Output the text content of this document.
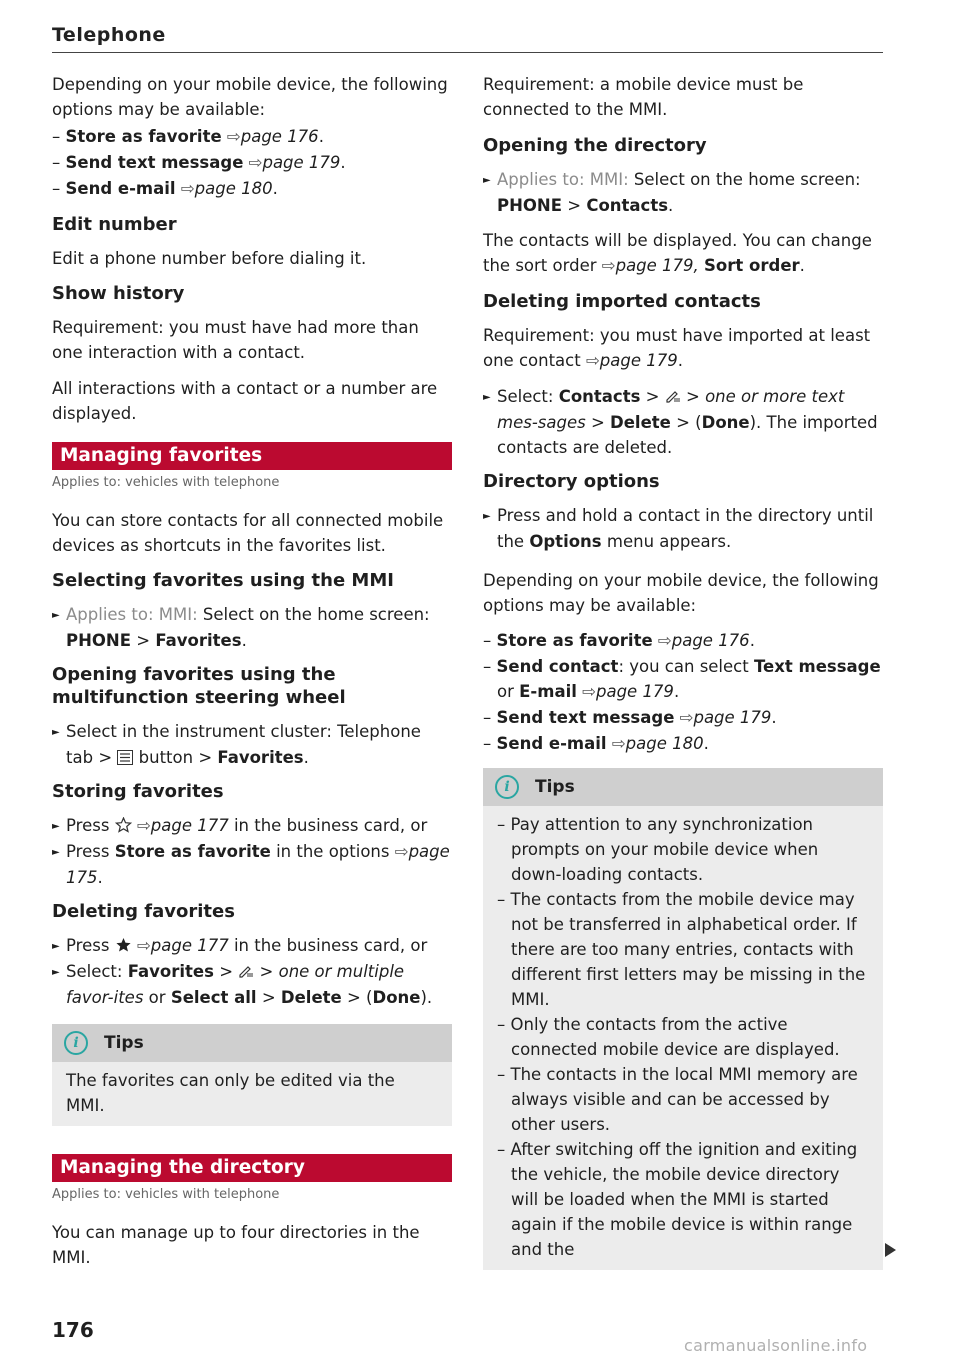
Telephone

Depending on your mobile device, the following options may be available:

– Store as favorite ⇨page 176.

– Send text message ⇨page 179.

– Send e-mail ⇨page 180.

Edit number

Edit a phone number before dialing it.

Show history

Requirement: you must have had more than one interaction with a contact.

All interactions with a contact or a number are displayed.

Managing favorites

Applies to: vehicles with telephone

You can store contacts for all connected mobile devices as shortcuts in the favorites list.

Selecting favorites using the MMI

► Applies to: MMI: Select on the home screen: PHONE > Favorites.

Opening favorites using the multifunction steering wheel

► Select in the instrument cluster: Telephone tab > button > Favorites.

Storing favorites

► Press ⇨page 177 in the business card, or

► Press Store as favorite in the options ⇨page 175.

Deleting favorites

► Press ⇨page 177 in the business card, or

► Select: Favorites > > one or multiple favor-ites or Select all > Delete > (Done).

i	Tips

The favorites can only be edited via the MMI.

Managing the directory

Applies to: vehicles with telephone

You can manage up to four directories in the MMI.

Requirement: a mobile device must be connected to the MMI.

Opening the directory

► Applies to: MMI: Select on the home screen: PHONE > Contacts.

The contacts will be displayed. You can change the sort order ⇨page 179, Sort order.

Deleting imported contacts

Requirement: you must have imported at least one contact ⇨page 179.

► Select: Contacts > > one or more text mes-sages > Delete > (Done). The imported contacts are deleted.

Directory options

► Press and hold a contact in the directory until the Options menu appears.

Depending on your mobile device, the following options may be available:

– Store as favorite ⇨page 176.

– Send contact: you can select Text message or E-mail ⇨page 179.

– Send text message ⇨page 179.

– Send e-mail ⇨page 180.

i	Tips

– Pay attention to any synchronization prompts on your mobile device when down-loading contacts.

– The contacts from the mobile device may not be transferred in alphabetical order. If there are too many entries, contacts with different first letters may be missing in the MMI.

– Only the contacts from the active connected mobile device are displayed.

– The contacts in the local MMI memory are always visible and can be accessed by other users.

– After switching off the ignition and exiting the vehicle, the mobile device directory will be loaded when the MMI is started again if the mobile device is within range and the

176
carmanualsonline.info
